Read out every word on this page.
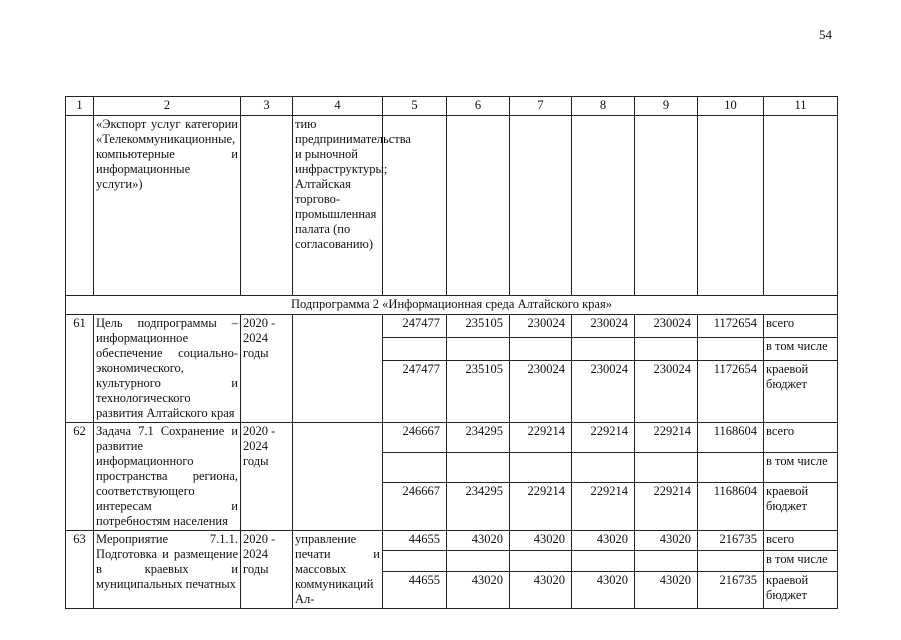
54
1	2	3	4	5	6	7	8	9	10	11
	«Экспорт услуг категории «Телекоммуникационные, компьютерные и информационные услуги»)		тию предпринимательства и рыночной инфраструктуры; Алтайская торгово-промышленная палата (по согласованию)							
Подпрограмма 2 «Информационная среда Алтайского края»										
61	Цель подпрограммы – информационное обеспечение социально-экономического, культурного и технологического развития Алтайского края	2020 - 2024 годы		247477	235105	230024	230024	230024	1172654	всего
										в том числе
				247477	235105	230024	230024	230024	1172654	краевой бюджет
62	Задача 7.1 Сохранение и развитие информационного пространства региона, соответствующего интересам и потребностям населения	2020 - 2024 годы		246667	234295	229214	229214	229214	1168604	всего
										в том числе
				246667	234295	229214	229214	229214	1168604	краевой бюджет
63	Мероприятие 7.1.1. Подготовка и размещение в краевых и муниципальных печатных	2020 - 2024 годы	управление печати и массовых коммуникаций Ал-	44655	43020	43020	43020	43020	216735	всего
										в том числе
				44655	43020	43020	43020	43020	216735	краевой бюджет
